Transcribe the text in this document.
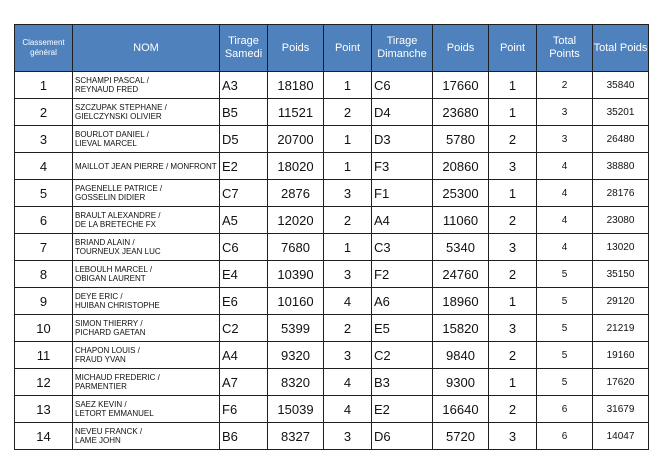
Classement général	NOM	Tirage Samedi	Poids	Point	Tirage Dimanche	Poids	Point	Total Points	Total Poids
1	SCHAMPI PASCAL /
REYNAUD FRED	A3	18180	1	C6	17660	1	2	35840
2	SZCZUPAK STEPHANE /
GIELCZYNSKI OLIVIER	B5	11521	2	D4	23680	1	3	35201
3	BOURLOT DANIEL /
LIEVAL MARCEL	D5	20700	1	D3	5780	2	3	26480
4	MAILLOT JEAN PIERRE / MONFRONT	E2	18020	1	F3	20860	3	4	38880
5	PAGENELLE PATRICE /
GOSSELIN DIDIER	C7	2876	3	F1	25300	1	4	28176
6	BRAULT ALEXANDRE /
DE LA BRETECHE FX	A5	12020	2	A4	11060	2	4	23080
7	BRIAND ALAIN /
TOURNEUX JEAN LUC	C6	7680	1	C3	5340	3	4	13020
8	LEBOULH MARCEL /
OBIGAN LAURENT	E4	10390	3	F2	24760	2	5	35150
9	DEYE ERIC /
HUIBAN CHRISTOPHE	E6	10160	4	A6	18960	1	5	29120
10	SIMON THIERRY /
PICHARD GAETAN	C2	5399	2	E5	15820	3	5	21219
11	CHAPON LOUIS /
FRAUD YVAN	A4	9320	3	C2	9840	2	5	19160
12	MICHAUD FREDERIC /
PARMENTIER	A7	8320	4	B3	9300	1	5	17620
13	SAEZ KEVIN /
LETORT EMMANUEL	F6	15039	4	E2	16640	2	6	31679
14	NEVEU FRANCK /
LAME JOHN	B6	8327	3	D6	5720	3	6	14047
